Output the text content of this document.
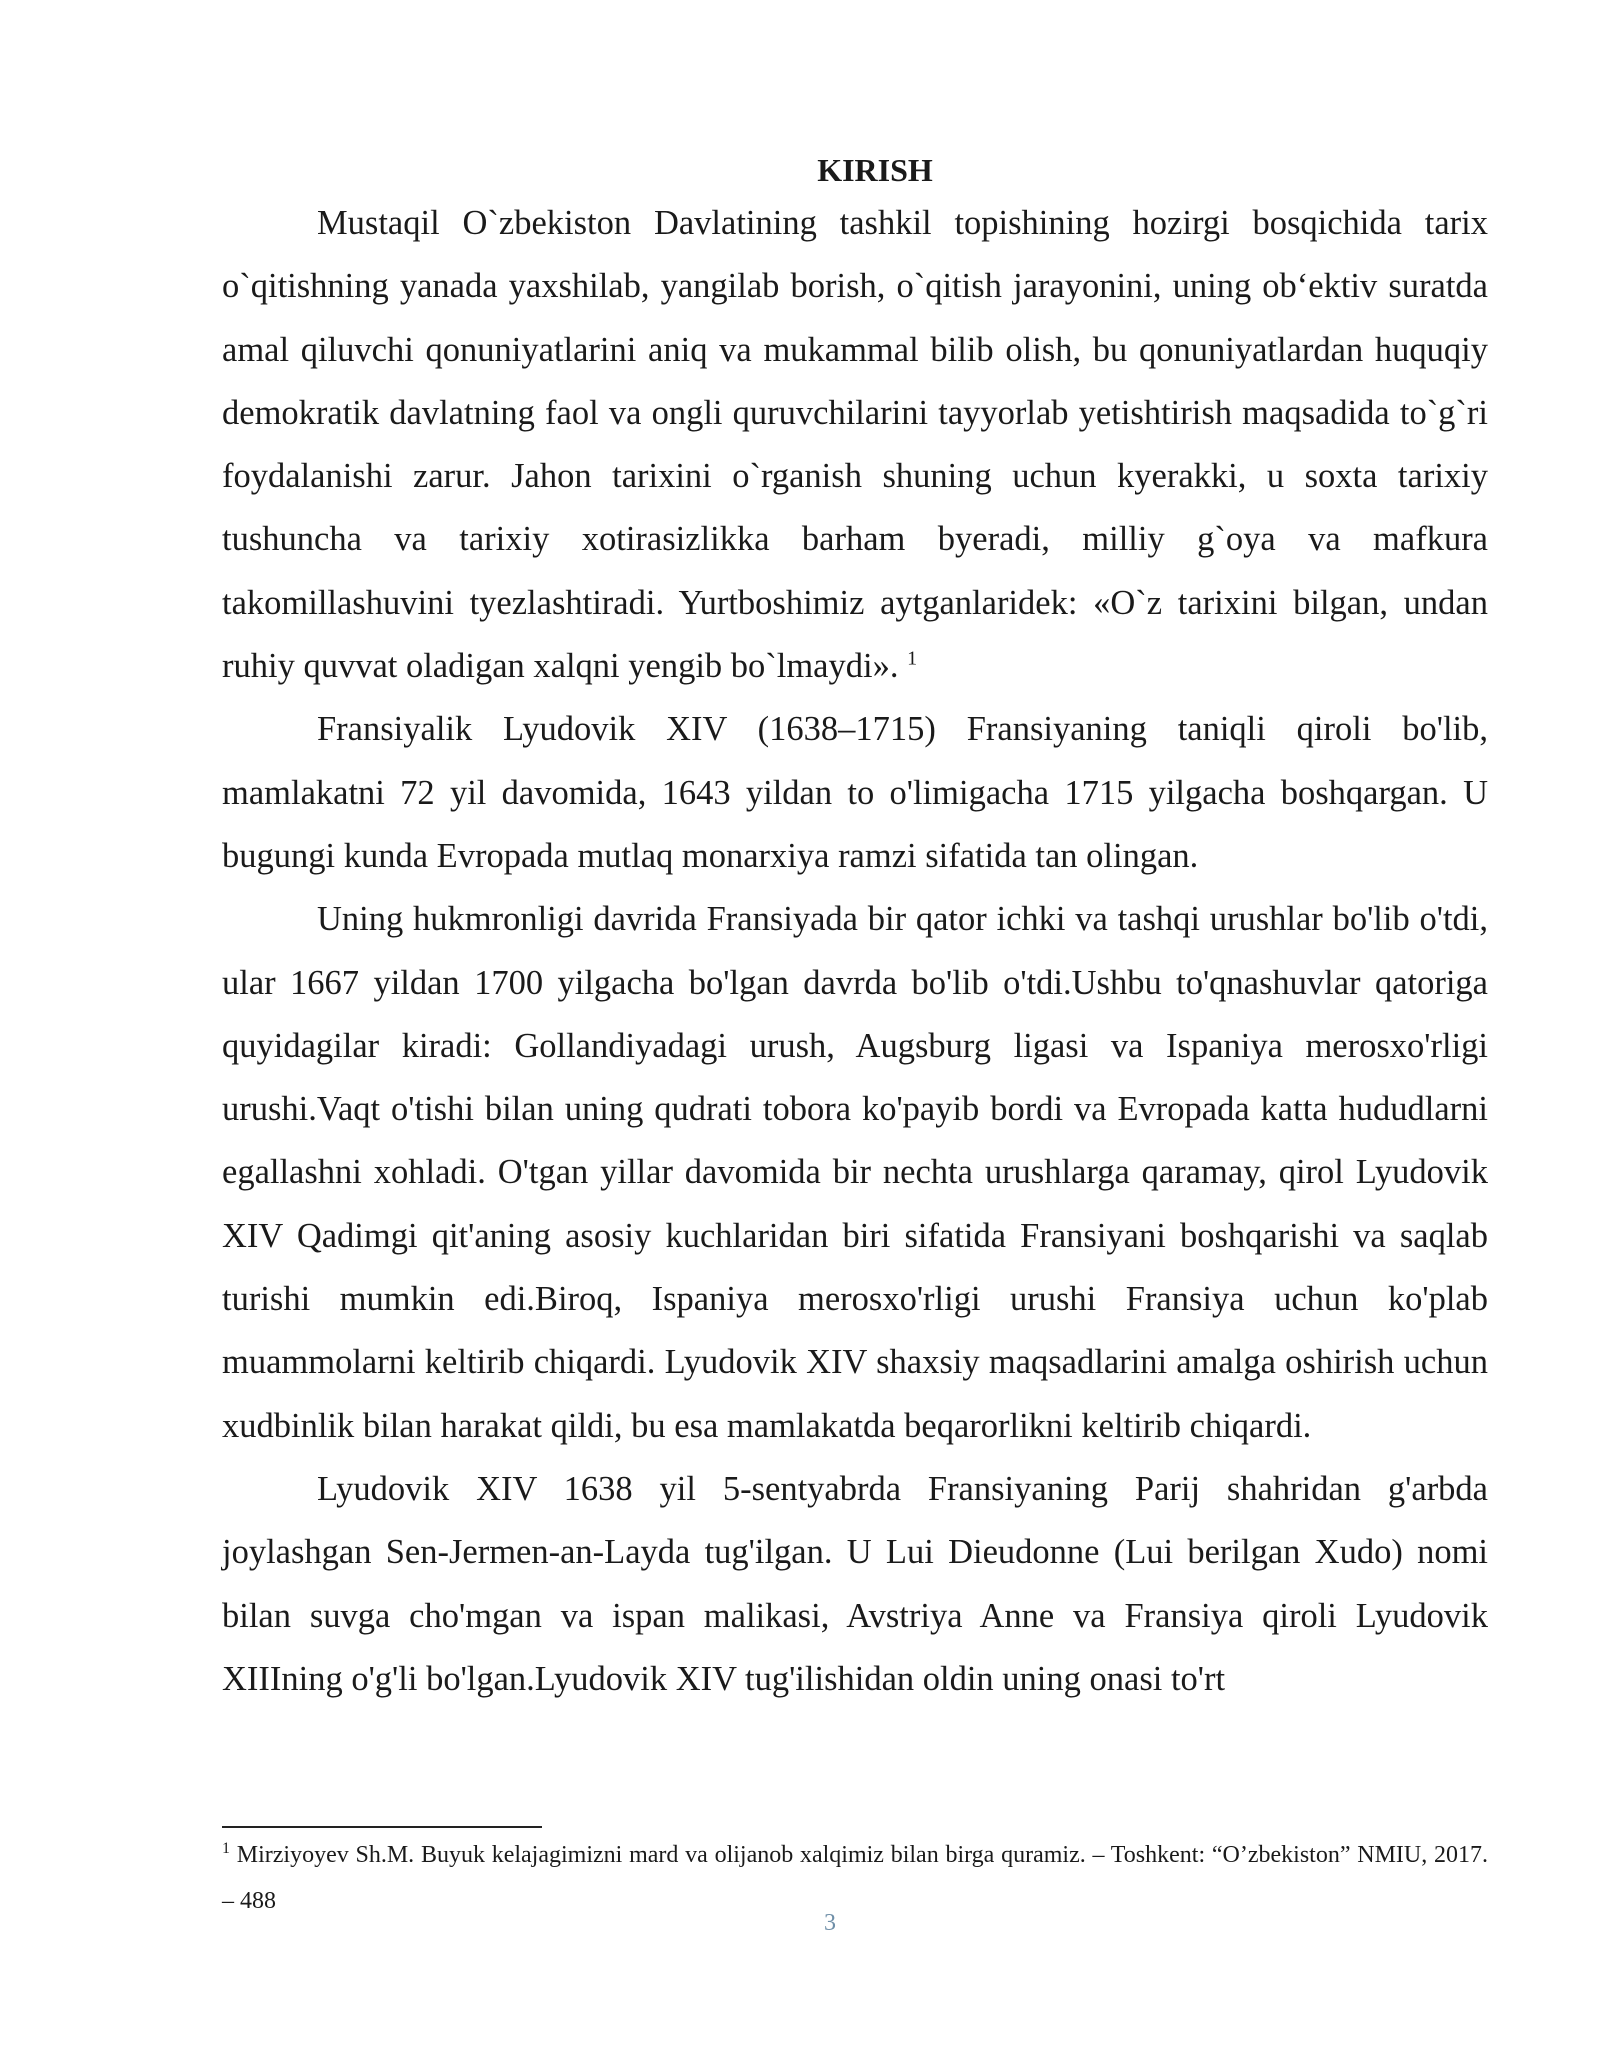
KIRISH

Mustaqil O`zbekiston Davlatining tashkil topishining hozirgi bosqichida tarix o`qitishning yanada yaxshilab, yangilab borish, o`qitish jarayonini, uning ob‘ektiv suratda amal qiluvchi qonuniyatlarini aniq va mukammal bilib olish, bu qonuniyatlardan huquqiy demokratik davlatning faol va ongli quruvchilarini tayyorlab yetishtirish maqsadida to`g`ri foydalanishi zarur. Jahon tarixini o`rganish shuning uchun kyerakki, u soxta tarixiy tushuncha va tarixiy xotirasizlikka barham byeradi, milliy g`oya va mafkura takomillashuvini tyezlashtiradi. Yurtboshimiz aytganlaridek: «O`z tarixini bilgan, undan ruhiy quvvat oladigan xalqni yengib bo`lmaydi». $^1$

Fransiyalik Lyudovik XIV (1638–1715) Fransiyaning taniqli qiroli bo'lib, mamlakatni 72 yil davomida, 1643 yildan to o'limigacha 1715 yilgacha boshqargan. U bugungi kunda Evropada mutlaq monarxiya ramzi sifatida tan olingan.

Uning hukmronligi davrida Fransiyada bir qator ichki va tashqi urushlar bo'lib o'tdi, ular 1667 yildan 1700 yilgacha bo'lgan davrda bo'lib o'tdi.Ushbu to'qnashuvlar qatoriga quyidagilar kiradi: Gollandiyadagi urush, Augsburg ligasi va Ispaniya merosxo'rligi urushi.Vaqt o'tishi bilan uning qudrati tobora ko'payib bordi va Evropada katta hududlarni egallashni xohladi. O'tgan yillar davomida bir nechta urushlarga qaramay, qirol Lyudovik XIV Qadimgi qit'aning asosiy kuchlaridan biri sifatida Fransiyani boshqarishi va saqlab turishi mumkin edi.Biroq, Ispaniya merosxo'rligi urushi Fransiya uchun ko'plab muammolarni keltirib chiqardi. Lyudovik XIV shaxsiy maqsadlarini amalga oshirish uchun xudbinlik bilan harakat qildi, bu esa mamlakatda beqarorlikni keltirib chiqardi.

Lyudovik XIV 1638 yil 5-sentyabrda Fransiyaning Parij shahridan g'arbda joylashgan Sen-Jermen-an-Layda tug'ilgan. U Lui Dieudonne (Lui berilgan Xudo) nomi bilan suvga cho'mgan va ispan malikasi, Avstriya Anne va Fransiya qiroli Lyudovik XIIIning o'g'li bo'lgan.Lyudovik XIV tug'ilishidan oldin uning onasi to'rt

$^1$ Mirziyoyev Sh.M. Buyuk kelajagimizni mard va olijanob xalqimiz bilan birga quramiz. – Toshkent: “O’zbekiston” NMIU, 2017. – 488

3
